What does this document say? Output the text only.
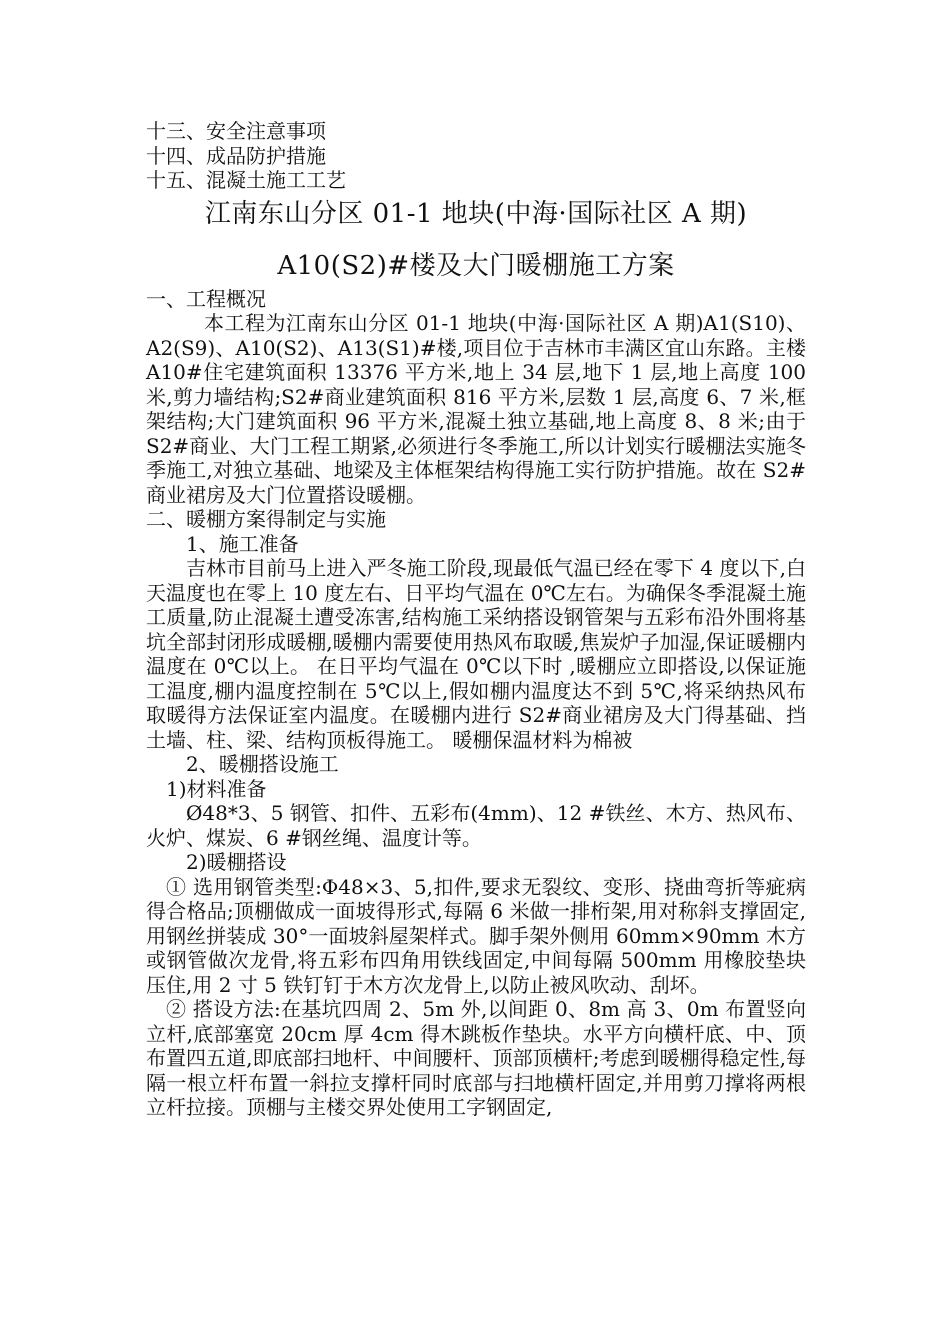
十三、安全注意事项
十四、成品防护措施
十五、混凝土施工工艺
江南东山分区 01-1 地块(中海·国际社区 A 期)
A10(S2)#楼及大门暖棚施工方案
一、工程概况
本工程为江南东山分区 01-1 地块(中海·国际社区 A 期)A1(S10)、A2(S9)、A10(S2)、A13(S1)#楼,项目位于吉林市丰满区宜山东路。主楼 A10#住宅建筑面积 13376 平方米,地上 34 层,地下 1 层,地上高度 100 米,剪力墙结构;S2#商业建筑面积 816 平方米,层数 1 层,高度 6、7 米,框架结构;大门建筑面积 96 平方米,混凝土独立基础,地上高度 8、8 米;由于 S2#商业、大门工程工期紧,必须进行冬季施工,所以计划实行暖棚法实施冬季施工,对独立基础、地梁及主体框架结构得施工实行防护措施。故在 S2#商业裙房及大门位置搭设暖棚。
二、暖棚方案得制定与实施
1、施工准备
吉林市目前马上进入严冬施工阶段,现最低气温已经在零下 4 度以下,白天温度也在零上 10 度左右、日平均气温在 0℃左右。为确保冬季混凝土施工质量,防止混凝土遭受冻害,结构施工采纳搭设钢管架与五彩布沿外围将基坑全部封闭形成暖棚,暖棚内需要使用热风布取暖,焦炭炉子加湿,保证暖棚内温度在 0℃以上。 在日平均气温在 0℃以下时 ,暖棚应立即搭设,以保证施工温度,棚内温度控制在 5℃以上,假如棚内温度达不到 5℃,将采纳热风布取暖得方法保证室内温度。在暖棚内进行 S2#商业裙房及大门得基础、挡土墙、柱、梁、结构顶板得施工。 暖棚保温材料为棉被
2、暖棚搭设施工
1)材料准备
Ø48*3、5 钢管、扣件、五彩布(4mm)、12 #铁丝、木方、热风布、火炉、煤炭、6 #钢丝绳、温度计等。
2)暖棚搭设
① 选用钢管类型:Φ48×3、5,扣件,要求无裂纹、变形、挠曲弯折等疵病得合格品;顶棚做成一面坡得形式,每隔 6 米做一排桁架,用对称斜支撑固定,用钢丝拼装成 30°一面坡斜屋架样式。脚手架外侧用 60mm×90mm 木方或钢管做次龙骨,将五彩布四角用铁线固定,中间每隔 500mm 用橡胶垫块压住,用 2 寸 5 铁钉钉于木方次龙骨上,以防止被风吹动、刮坏。
② 搭设方法:在基坑四周 2、5m 外,以间距 0、8m 高 3、0m 布置竖向立杆,底部塞宽 20cm 厚 4cm 得木跳板作垫块。水平方向横杆底、中、顶布置四五道,即底部扫地杆、中间腰杆、顶部顶横杆;考虑到暖棚得稳定性,每隔一根立杆布置一斜拉支撑杆同时底部与扫地横杆固定,并用剪刀撑将两根立杆拉接。顶棚与主楼交界处使用工字钢固定,
